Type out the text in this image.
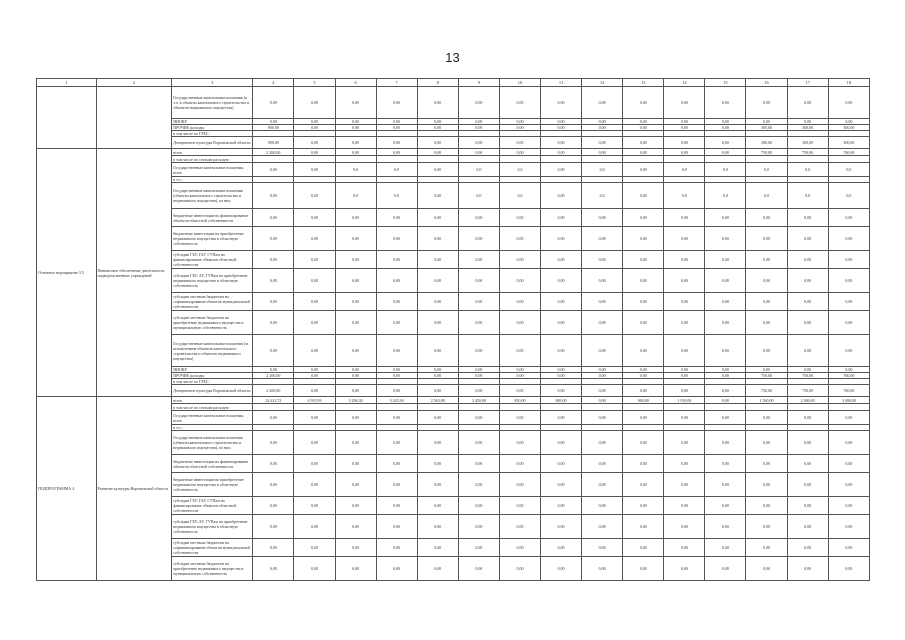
13
1	2	3	4	5	6	7	8	9	10	11	12	13	14	15	16	17	18
		Государственные капитальные вложения (в т.ч. в объекты капитального строительства и объектов недвижимого имущества)	0,00	0,00	0,00	0,00	0,00	0,00	0,00	0,00	0,00	0,00	0,00	0,00	0,00	0,00	0,00
		НИОКР	0,00	0,00	0,00	0,00	0,00	0,00	0,00	0,00	0,00	0,00	0,00	0,00	0,00	0,00	0,00
		ПРОЧИЕ расходы	900,00	0,00	0,00	0,00	0,00	0,00	0,00	0,00	0,00	0,00	0,00	0,00	300,00	300,00	300,00
		в том числе по ГРБС:															
		Департамент культуры Воронежской области	900,00	0,00	0,00	0,00	0,00	0,00	0,00	0,00	0,00	0,00	0,00	0,00	300,00	300,00	300,00
Основное мероприятие 3.5	Финансовое обеспечение деятельности подведомственных учреждений	всего	2 260,00	0,00	0,00	0,00	0,00	0,00	0,00	0,00	0,00	0,00	0,00	0,00	750,00	750,00	760,00
		в том числе по статьям расходов:															
		Государственные капитальные вложения, всего	0,00	0,00	0,0	0,0	0,00	0,0	0,0	0,00	0,0	0,00	0,0	0,0	0,0	0,0	0,0
		в т.ч.:															
		Государственные капитальные вложения (объекты капитального строительства и недвижимого имущества), из них:	0,00	0,00	0,0	0,0	0,00	0,0	0,0	0,00	0,0	0,00	0,0	0,0	0,0	0,0	0,0
		бюджетные инвестиции на финансирование объектов областной собственности	0,00	0,00	0,00	0,00	0,00	0,00	0,00	0,00	0,00	0,00	0,00	0,00	0,00	0,00	0,00
		бюджетные инвестиции на приобретение недвижимого имущества в областную собственность	0,00	0,00	0,00	0,00	0,00	0,00	0,00	0,00	0,00	0,00	0,00	0,00	0,00	0,00	0,00
		субсидии ГБУ, ГАУ, ГУПам на финансирование объектов областной собственности	0,00	0,00	0,00	0,00	0,00	0,00	0,00	0,00	0,00	0,00	0,00	0,00	0,00	0,00	0,00
		субсидии ГБУ, АУ, ГУПам на приобретение недвижимого имущества в областную собственность	0,00	0,00	0,00	0,00	0,00	0,00	0,00	0,00	0,00	0,00	0,00	0,00	0,00	0,00	0,00
		субсидии местным бюджетам на софинансирование объектов муниципальной собственности	0,00	0,00	0,00	0,00	0,00	0,00	0,00	0,00	0,00	0,00	0,00	0,00	0,00	0,00	0,00
		субсидии местным бюджетам на приобретение недвижимого имущества в муниципальную собственность	0,00	0,00	0,00	0,00	0,00	0,00	0,00	0,00	0,00	0,00	0,00	0,00	0,00	0,00	0,00
		Государственные капитальные вложения (за исключением объектов капитального строительства и объектов недвижимого имущества)	0,00	0,00	0,00	0,00	0,00	0,00	0,00	0,00	0,00	0,00	0,00	0,00	0,00	0,00	0,00
		НИОКР	0,00	0,00	0,00	0,00	0,00	0,00	0,00	0,00	0,00	0,00	0,00	0,00	0,00	0,00	0,00
		ПРОЧИЕ расходы	2 260,00	0,00	0,00	0,00	0,00	0,00	0,00	0,00	0,00	0,00	0,00	0,00	750,00	750,00	760,00
		в том числе по ГРБС:															
		Департамент культуры Воронежской области	2 260,00	0,00	0,00	0,00	0,00	0,00	0,00	0,00	0,00	0,00	0,00	0,00	750,00	750,00	760,00
ПОДПРОГРАММА 4	Развитие культуры Воронежской области	всего	24 411,72	4 910,93	3 296,30	3 245,94	2 563,00	3 450,00	850,00	869,00	0,00	900,00	1 910,00	0,00	1 560,00	2 000,00	3 000,00
		в том числе по статьям расходов:															
		Государственные капитальные вложения, всего	0,00	0,00	0,00	0,00	0,00	0,00	0,00	0,00	0,00	0,00	0,00	0,00	0,00	0,00	0,00
		в т.ч.:															
		Государственные капитальные вложения (объекты капитального строительства и недвижимого имущества), из них:	0,00	0,00	0,00	0,00	0,00	0,00	0,00	0,00	0,00	0,00	0,00	0,00	0,00	0,00	0,00
		бюджетные инвестиции на финансирование объектов областной собственности	0,00	0,00	0,00	0,00	0,00	0,00	0,00	0,00	0,00	0,00	0,00	0,00	0,00	0,00	0,00
		бюджетные инвестиции на приобретение недвижимого имущества в областную собственность	0,00	0,00	0,00	0,00	0,00	0,00	0,00	0,00	0,00	0,00	0,00	0,00	0,00	0,00	0,00
		субсидии ГБУ, ГАУ, ГУПам на финансирование объектов областной собственности	0,00	0,00	0,00	0,00	0,00	0,00	0,00	0,00	0,00	0,00	0,00	0,00	0,00	0,00	0,00
		субсидии ГБУ, АУ, ГУПам на приобретение недвижимого имущества в областную собственность	0,00	0,00	0,00	0,00	0,00	0,00	0,00	0,00	0,00	0,00	0,00	0,00	0,00	0,00	0,00
		субсидии местным бюджетам на софинансирование объектов муниципальной собственности	0,00	0,00	0,00	0,00	0,00	0,00	0,00	0,00	0,00	0,00	0,00	0,00	0,00	0,00	0,00
		субсидии местным бюджетам на приобретение недвижимого имущества в муниципальную собственность	0,00	0,00	0,00	0,00	0,00	0,00	0,00	0,00	0,00	0,00	0,00	0,00	0,00	0,00	0,00
